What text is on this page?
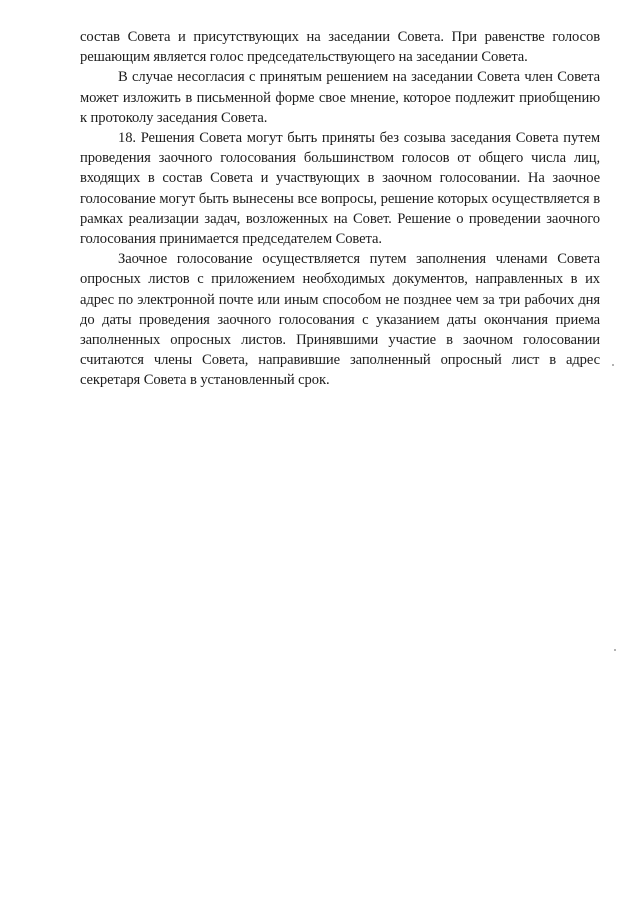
состав Совета и присутствующих на заседании Совета. При равенстве голосов решающим является голос председательствующего на заседании Совета.

В случае несогласия с принятым решением на заседании Совета член Совета может изложить в письменной форме свое мнение, которое подлежит приобщению к протоколу заседания Совета.

18. Решения Совета могут быть приняты без созыва заседания Совета путем проведения заочного голосования большинством голосов от общего числа лиц, входящих в состав Совета и участвующих в заочном голосовании. На заочное голосование могут быть вынесены все вопросы, решение которых осуществляется в рамках реализации задач, возложенных на Совет. Решение о проведении заочного голосования принимается председателем Совета.

Заочное голосование осуществляется путем заполнения членами Совета опросных листов с приложением необходимых документов, направленных в их адрес по электронной почте или иным способом не позднее чем за три рабочих дня до даты проведения заочного голосования с указанием даты окончания приема заполненных опросных листов. Принявшими участие в заочном голосовании считаются члены Совета, направившие заполненный опросный лист в адрес секретаря Совета в установленный срок.
